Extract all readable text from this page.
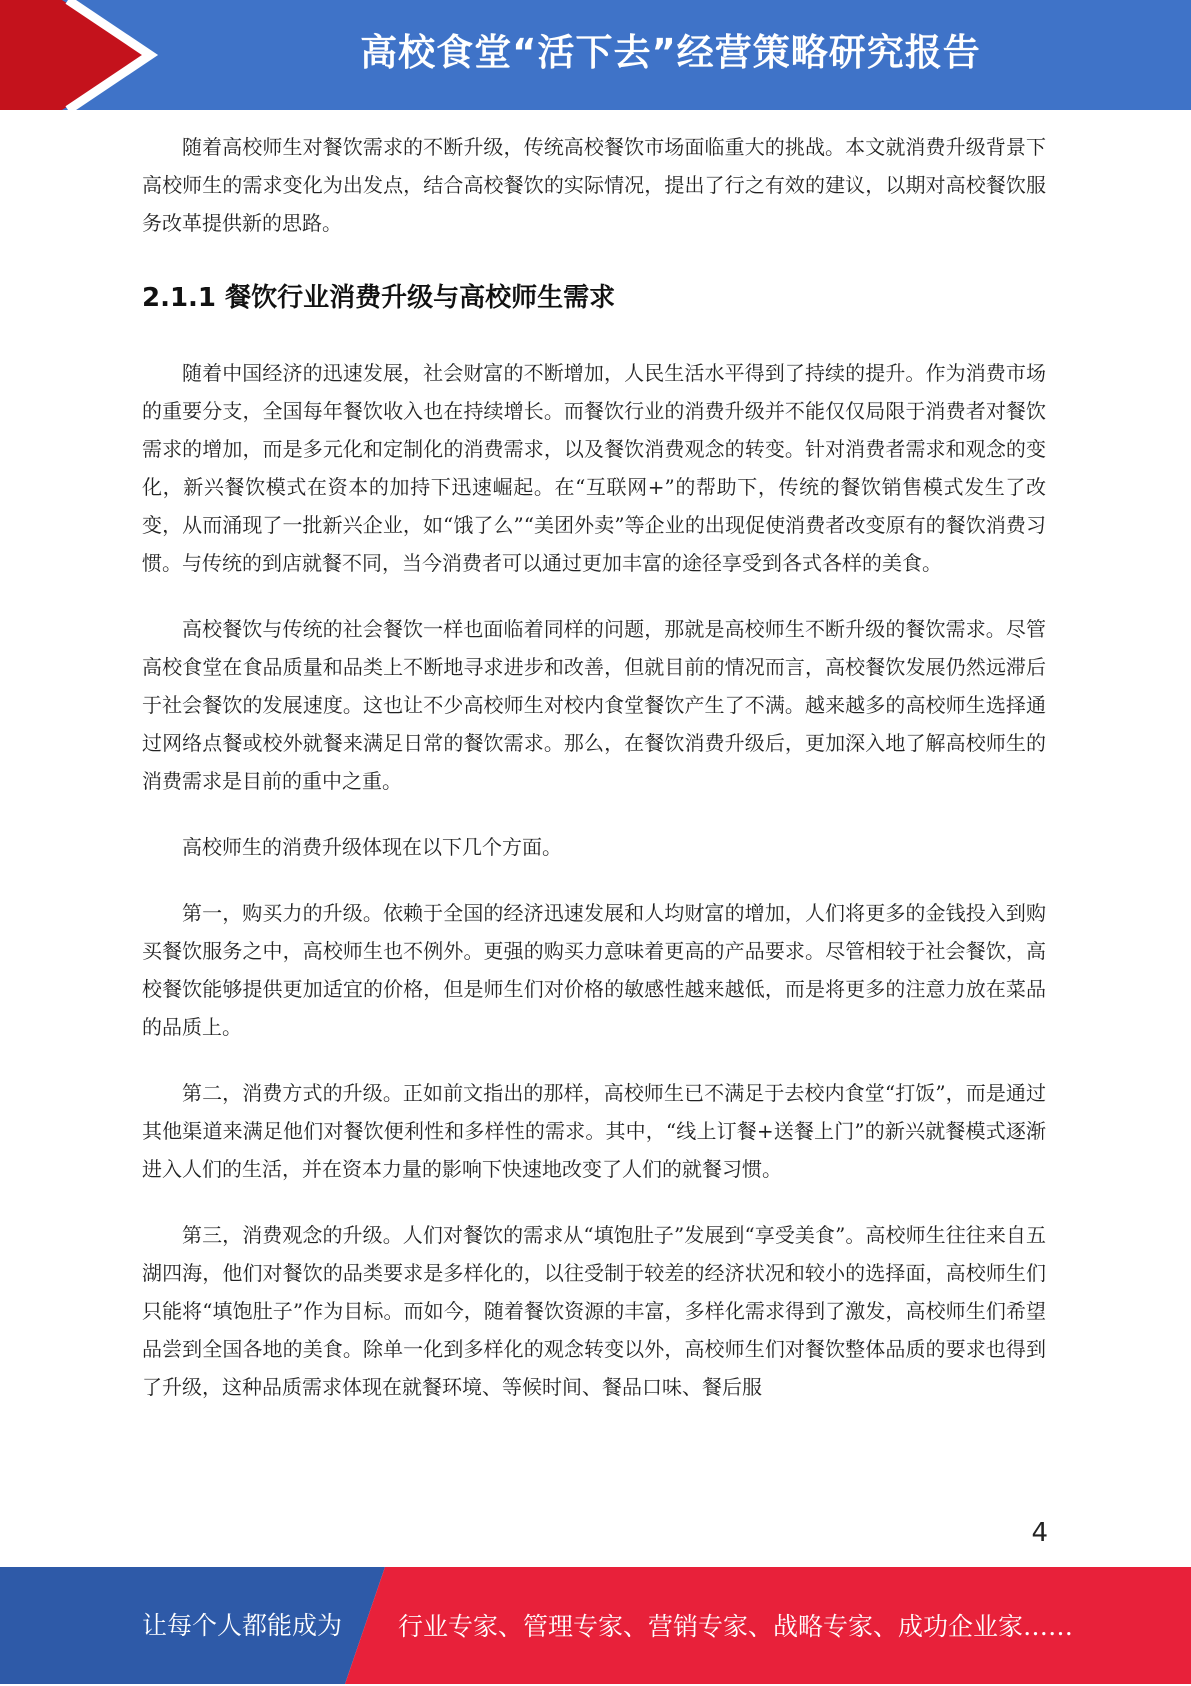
高校食堂“活下去”经营策略研究报告

随着高校师生对餐饮需求的不断升级，传统高校餐饮市场面临重大的挑战。本文就消费升级背景下高校师生的需求变化为出发点，结合高校餐饮的实际情况，提出了行之有效的建议，以期对高校餐饮服务改革提供新的思路。

2.1.1 餐饮行业消费升级与高校师生需求

随着中国经济的迅速发展，社会财富的不断增加，人民生活水平得到了持续的提升。作为消费市场的重要分支，全国每年餐饮收入也在持续增长。而餐饮行业的消费升级并不能仅仅局限于消费者对餐饮需求的增加，而是多元化和定制化的消费需求，以及餐饮消费观念的转变。针对消费者需求和观念的变化，新兴餐饮模式在资本的加持下迅速崛起。在“互联网+”的帮助下，传统的餐饮销售模式发生了改变，从而涌现了一批新兴企业，如“饿了么”“美团外卖”等企业的出现促使消费者改变原有的餐饮消费习惯。与传统的到店就餐不同，当今消费者可以通过更加丰富的途径享受到各式各样的美食。

高校餐饮与传统的社会餐饮一样也面临着同样的问题，那就是高校师生不断升级的餐饮需求。尽管高校食堂在食品质量和品类上不断地寻求进步和改善，但就目前的情况而言，高校餐饮发展仍然远滞后于社会餐饮的发展速度。这也让不少高校师生对校内食堂餐饮产生了不满。越来越多的高校师生选择通过网络点餐或校外就餐来满足日常的餐饮需求。那么，在餐饮消费升级后，更加深入地了解高校师生的消费需求是目前的重中之重。

高校师生的消费升级体现在以下几个方面。

第一，购买力的升级。依赖于全国的经济迅速发展和人均财富的增加，人们将更多的金钱投入到购买餐饮服务之中，高校师生也不例外。更强的购买力意味着更高的产品要求。尽管相较于社会餐饮，高校餐饮能够提供更加适宜的价格，但是师生们对价格的敏感性越来越低，而是将更多的注意力放在菜品的品质上。

第二，消费方式的升级。正如前文指出的那样，高校师生已不满足于去校内食堂“打饭”，而是通过其他渠道来满足他们对餐饮便利性和多样性的需求。其中，“线上订餐+送餐上门”的新兴就餐模式逐渐进入人们的生活，并在资本力量的影响下快速地改变了人们的就餐习惯。

第三，消费观念的升级。人们对餐饮的需求从“填饱肚子”发展到“享受美食”。高校师生往往来自五湖四海，他们对餐饮的品类要求是多样化的，以往受制于较差的经济状况和较小的选择面，高校师生们只能将“填饱肚子”作为目标。而如今，随着餐饮资源的丰富，多样化需求得到了激发，高校师生们希望品尝到全国各地的美食。除单一化到多样化的观念转变以外，高校师生们对餐饮整体品质的要求也得到了升级，这种品质需求体现在就餐环境、等候时间、餐品口味、餐后服

4
让每个人都能成为 行业专家、管理专家、营销专家、战略专家、成功企业家……
